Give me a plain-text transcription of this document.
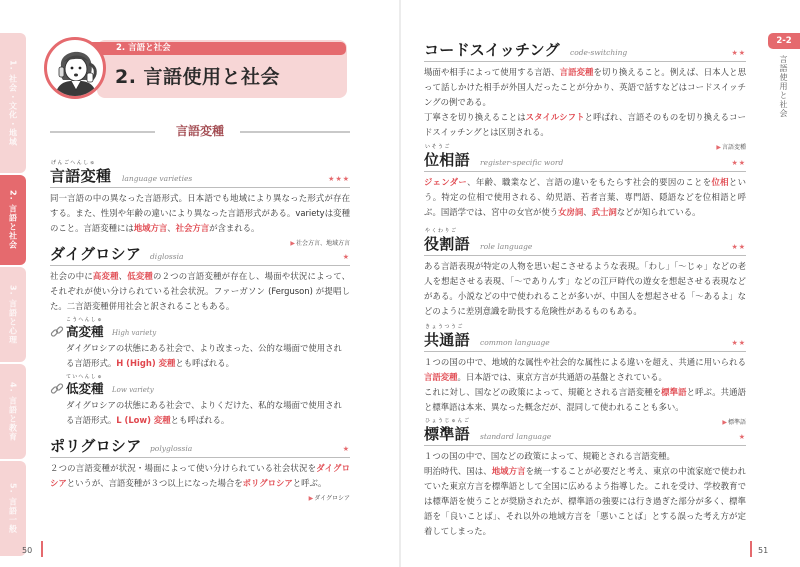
1. 社会・文化・地域
2. 言語と社会
3. 言語と心理
4. 言語と教育
5. 言語一般
2. 言語と社会
2. 言語使用と社会
言語変種
げんごへんしゅ
言語変種 language varieties	★★★
同一言語の中の異なった言語形式。日本語でも地域により異なった形式が存在する。また、性別や年齢の違いにより異なった言語形式がある。varietyは変種のこと。言語変種には地域方言、社会方言が含まれる。
▶社会方言、地域方言
ダイグロシア diglossia	★
社会の中に高変種、低変種の２つの言語変種が存在し、場面や状況によって、それぞれが使い分けられている社会状況。ファーガソン (Ferguson) が提唱した。二言語変種併用社会と訳されることもある。
こうへんしゅ
高変種 High variety
ダイグロシアの状態にある社会で、より改まった、公的な場面で使用される言語形式。H (High) 変種とも呼ばれる。
ていへんしゅ
低変種 Low variety
ダイグロシアの状態にある社会で、よりくだけた、私的な場面で使用される言語形式。L (Low) 変種とも呼ばれる。
ポリグロシア polyglossia	★
２つの言語変種が状況・場面によって使い分けられている社会状況をダイグロシアというが、言語変種が３つ以上になった場合をポリグロシアと呼ぶ。
▶ダイグロシア
50
コードスイッチング code-switching	★★
場面や相手によって使用する言語、言語変種を切り換えること。例えば、日本人と思って話しかけた相手が外国人だったことが分かり、英語で話すなどはコードスイッチングの例である。
丁寧さを切り換えることはスタイルシフトと呼ばれ、言語そのものを切り換えるコードスイッチングとは区別される。
▶言語変種
いそうご
位相語 register-specific word	★★
ジェンダー、年齢、職業など、言語の違いをもたらす社会的要因のことを位相という。特定の位相で使用される、幼児語、若者言葉、専門語、隠語などを位相語と呼ぶ。国語学では、宮中の女官が使う女房詞、武士詞などが知られている。
やくわりご
役割語 role language	★★
ある言語表現が特定の人物を思い起こさせるような表現。「わし」「〜じゃ」などの老人を想起させる表現、「〜でありんす」などの江戸時代の遊女を想起させる表現などがある。小説などの中で使われることが多いが、中国人を想起させる「〜あるよ」などのように差別意識を助長する危険性があるものもある。
きょうつうご
共通語 common language	★★
１つの国の中で、地域的な属性や社会的な属性による違いを超え、共通に用いられる言語変種。日本語では、東京方言が共通語の基盤とされている。
これに対し、国などの政策によって、規範とされる言語変種を標準語と呼ぶ。共通語と標準語は本来、異なった概念だが、混同して使われることも多い。
▶標準語
ひょうじゅんご
標準語 standard language	★
１つの国の中で、国などの政策によって、規範とされる言語変種。
明治時代、国は、地域方言を統一することが必要だと考え、東京の中流家庭で使われていた東京方言を標準語として全国に広めるよう指導した。これを受け、学校教育では標準語を使うことが奨励されたが、標準語の強要には行き過ぎた部分が多く、標準語を「良いことば」、それ以外の地域方言を「悪いことば」とする誤った考え方が定着してしまった。
51
2-2
言語使用と社会
